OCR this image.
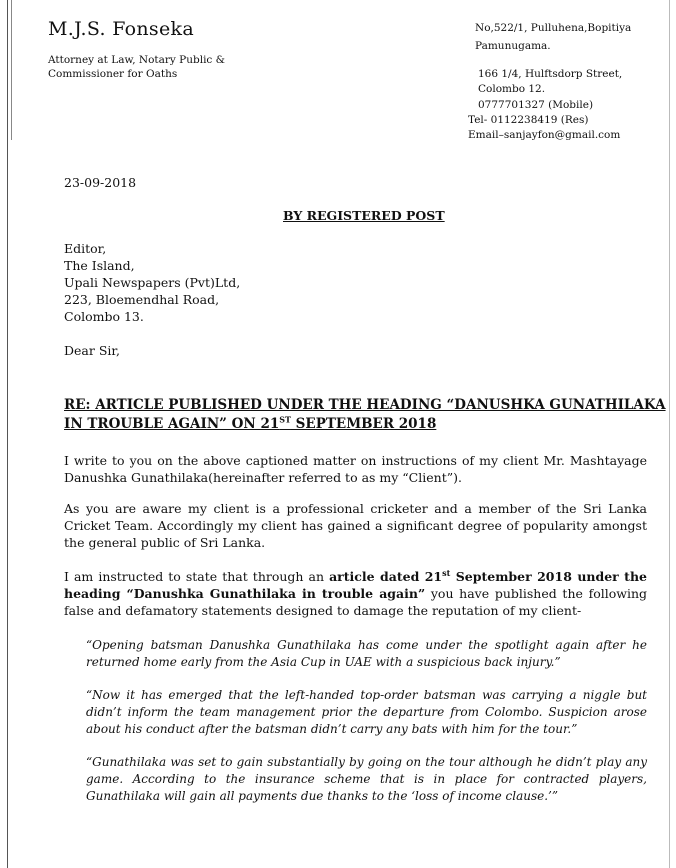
M.J.S. Fonseka
Attorney at Law, Notary Public &
Commissioner for Oaths
No,522/1, Pulluhena,Bopitiya
Pamunugama.
166 1/4, Hulftsdorp Street,
Colombo 12.
0777701327 (Mobile)
Tel- 0112238419 (Res)
Email–sanjayfon@gmail.com
23-09-2018
BY REGISTERED POST
Editor,
The Island,
Upali Newspapers (Pvt)Ltd,
223, Bloemendhal Road,
Colombo 13.
Dear Sir,
RE: ARTICLE PUBLISHED UNDER THE HEADING “DANUSHKA GUNATHILAKA
IN TROUBLE AGAIN” ON 21ST SEPTEMBER 2018
I write to you on the above captioned matter on instructions of my client Mr. Mashtayage Danushka Gunathilaka(hereinafter referred to as my “Client”).
As you are aware my client is a professional cricketer and a member of the Sri Lanka Cricket Team. Accordingly my client has gained a significant degree of popularity amongst the general public of Sri Lanka.
I am instructed to state that through an article dated 21st September 2018 under the heading “Danushka Gunathilaka in trouble again” you have published the following false and defamatory statements designed to damage the reputation of my client-
“Opening batsman Danushka Gunathilaka has come under the spotlight again after he returned home early from the Asia Cup in UAE with a suspicious back injury.”
“Now it has emerged that the left-handed top-order batsman was carrying a niggle but didn’t inform the team management prior the departure from Colombo. Suspicion arose about his conduct after the batsman didn’t carry any bats with him for the tour.”
“Gunathilaka was set to gain substantially by going on the tour although he didn’t play any game. According to the insurance scheme that is in place for contracted players, Gunathilaka will gain all payments due thanks to the ‘loss of income clause.’”
